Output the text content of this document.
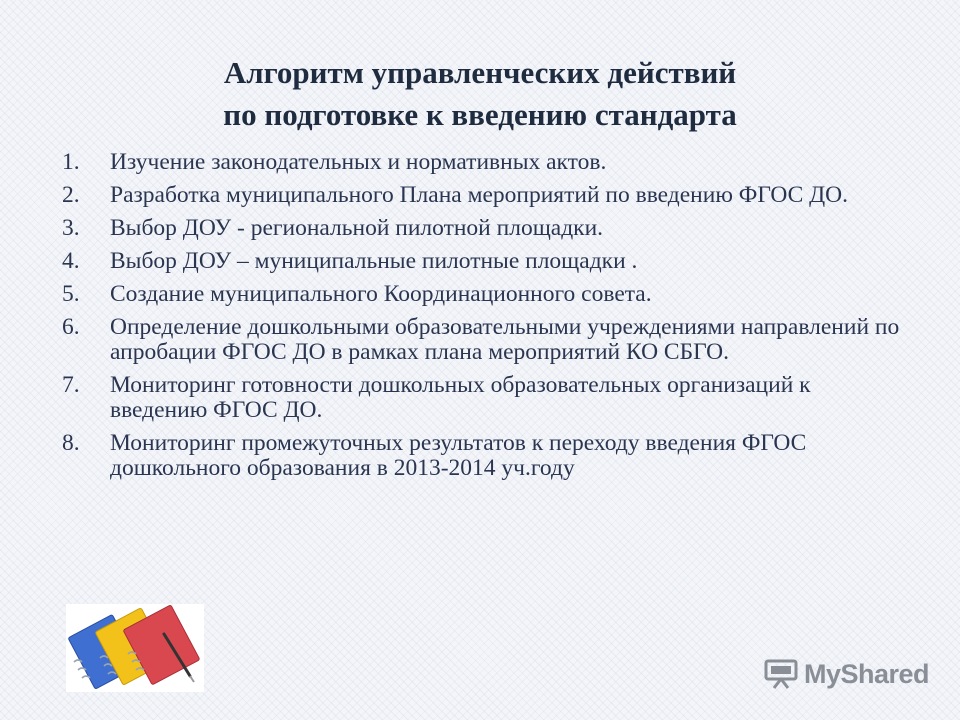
Алгоритм управленческих действий
по подготовке к введению стандарта
1. Изучение законодательных и нормативных актов.
2. Разработка муниципального Плана мероприятий по введению ФГОС ДО.
3. Выбор ДОУ - региональной пилотной площадки.
4. Выбор ДОУ – муниципальные пилотные площадки .
5. Создание муниципального Координационного совета.
6. Определение дошкольными образовательными учреждениями направлений по апробации ФГОС ДО в рамках плана мероприятий КО СБГО.
7. Мониторинг готовности дошкольных образовательных организаций к введению ФГОС ДО.
8. Мониторинг промежуточных результатов к переходу введения ФГОС дошкольного образования в 2013-2014 уч.году
MyShared
